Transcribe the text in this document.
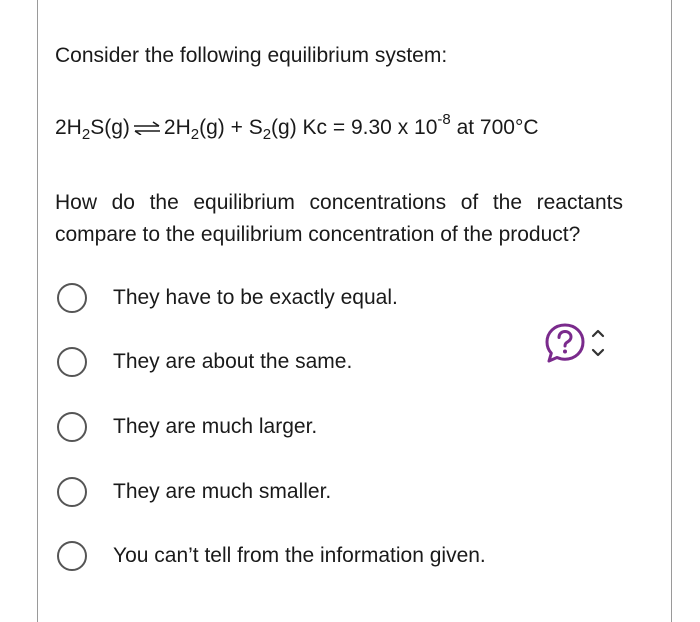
Consider the following equilibrium system:
$2H_2S(g)$ ⇌ $2H_2(g) + S_2(g) Kc = 9.30$ x $10^{-8}$ at 700°C
How do the equilibrium concentrations of the reactants compare to the equilibrium concentration of the product?
They have to be exactly equal.
They are about the same.
They are much larger.
They are much smaller.
You can’t tell from the information given.
